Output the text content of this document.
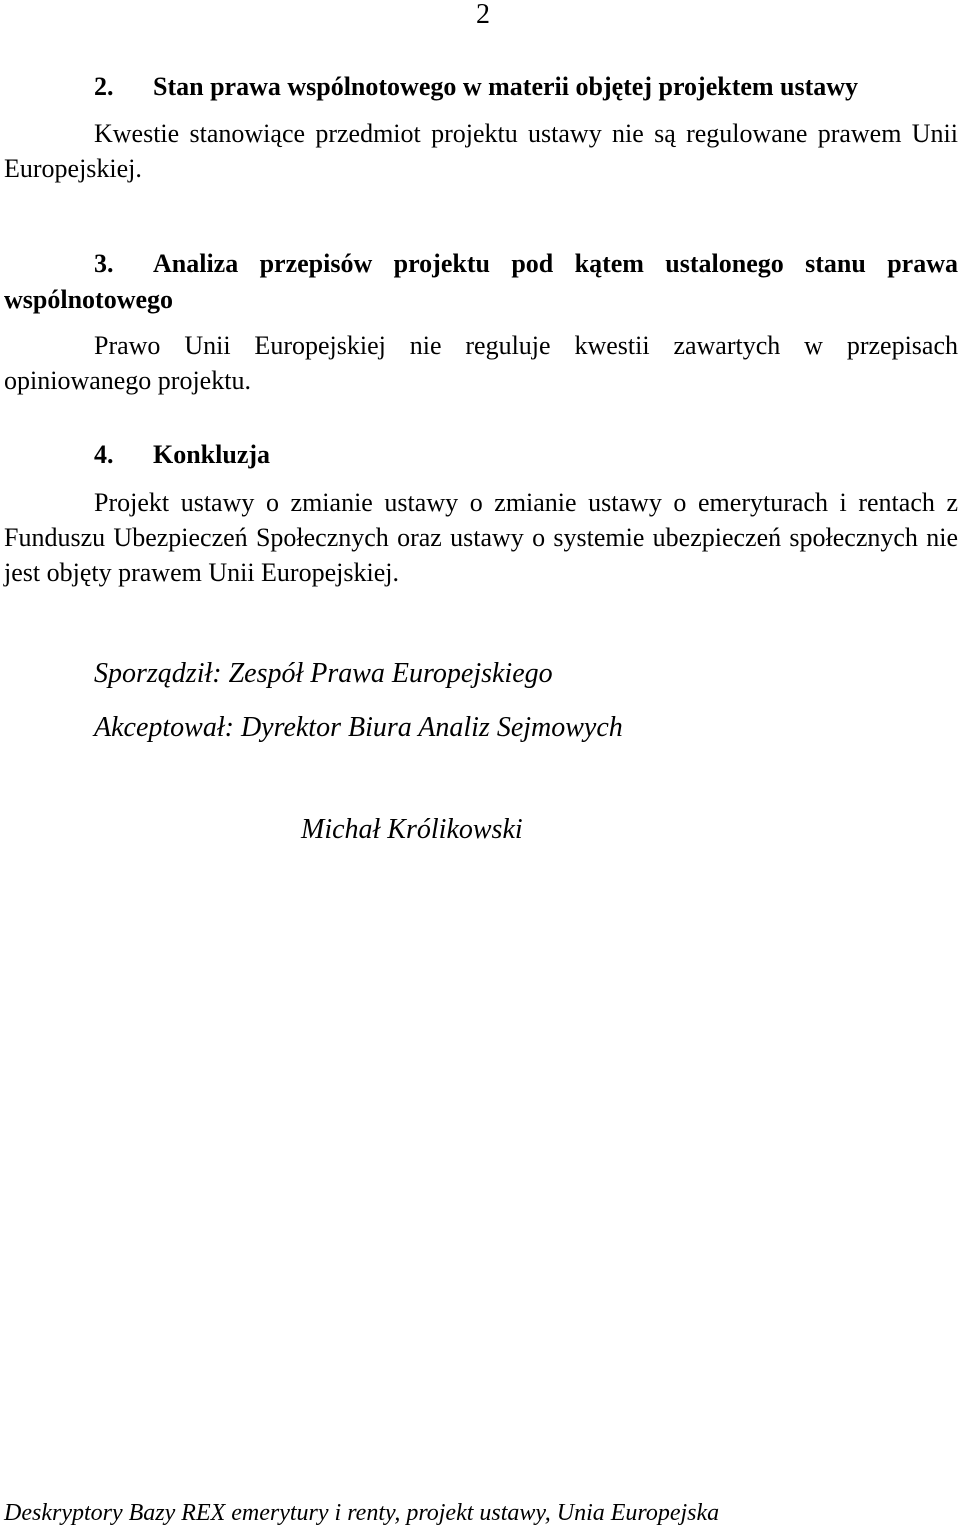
2
2. Stan prawa wspólnotowego w materii objętej projektem ustawy
Kwestie stanowiące przedmiot projektu ustawy nie są regulowane prawem Unii Europejskiej.
3. Analiza przepisów projektu pod kątem ustalonego stanu prawa wspólnotowego
Prawo Unii Europejskiej nie reguluje kwestii zawartych w przepisach opiniowanego projektu.
4. Konkluzja
Projekt ustawy o zmianie ustawy o zmianie ustawy o emeryturach i rentach z Funduszu Ubezpieczeń Społecznych oraz ustawy o systemie ubezpieczeń społecznych nie jest objęty prawem Unii Europejskiej.
Sporządził: Zespół Prawa Europejskiego
Akceptował: Dyrektor Biura Analiz Sejmowych
Michał Królikowski
Deskryptory Bazy REX emerytury i renty, projekt ustawy, Unia Europejska
